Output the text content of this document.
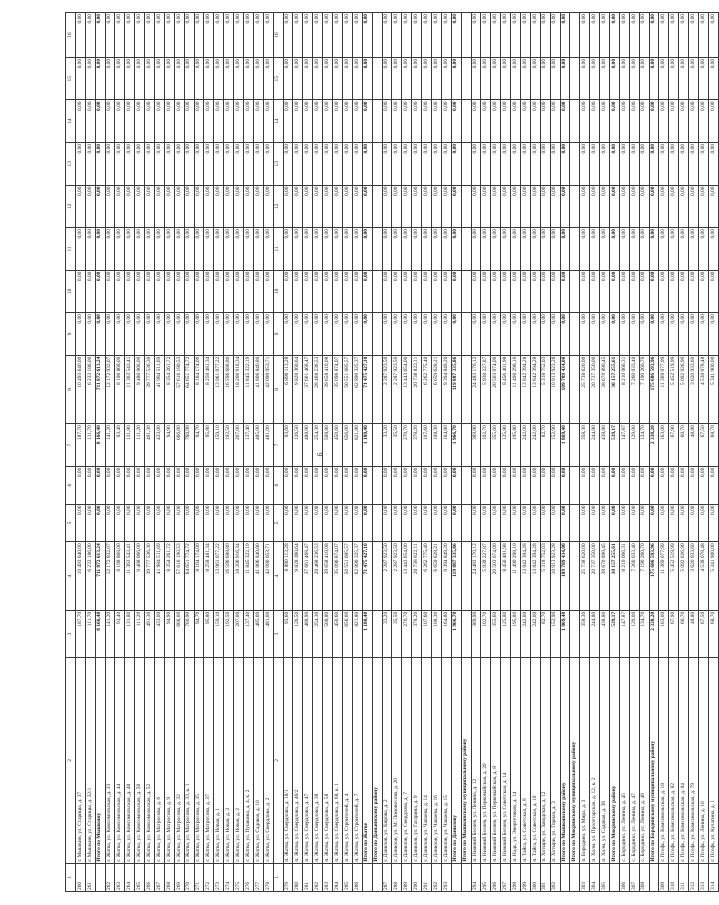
6
1	2	3	4	5	6	7	8	9	10	11	12	13	14	15	16
260	г. Мышкин, ул. Старицы, д. 37	187,70	10 493 640,00	0,00	0,00	187,70	10 493 640,00	0,00	0,00	0,00	0,00	0,00	0,00	0,00	0,00
261	г. Мышкин, ул. Старицы, д. 32/1	111,70	6 233 186,00	0,00	0,00	111,70	6 233 186,00	0,00	0,00	0,00	0,00	0,00	0,00	0,00	0,00
	Итого по Мышкину	8 166,40	711 872 613,24	0,00	0,00	8 166,40	711 872 613,24	0,00	0,00	0,00	0,00	0,00	0,00	0,00	0,00
262	г. Жатва, ул. Комсомольская, д. 33	141,20	12 172 932,07	0,00	0,00	141,20	12 172 932,07	0,00	0,00	0,00	0,00	0,00	0,00	0,00	0,00
263	г. Жатва, ул. Комсомольская, д. 44	93,40	8 198 868,00	0,00	0,00	93,40	8 198 868,00	0,00	0,00	0,00	0,00	0,00	0,00	0,00	0,00
264	г. Жатва, ул. Комсомольская, д. 48	131,80	11 363 543,41	0,00	0,00	131,80	11 363 543,41	0,00	0,00	0,00	0,00	0,00	0,00	0,00	0,00
265	г. Жатва, ул. Комсомольская, д. 50	111,20	9 488 066,00	0,00	0,00	111,20	9 488 066,00	0,00	0,00	0,00	0,00	0,00	0,00	0,00	0,00
266	г. Жатва, ул. Комсомольская, д. 52	491,30	39 777 536,30	0,00	0,00	491,30	39 777 536,30	0,00	0,00	0,00	0,00	0,00	0,00	0,00	0,00
267	г. Жатва, ул. Матросова, д. 6	433,00	41 984 511,69	0,00	0,00	433,00	41 984 511,69	0,00	0,00	0,00	0,00	0,00	0,00	0,00	0,00
268	г. Жатва, ул. Матросова, д. 9	94,90	8 354 261,72	0,00	0,00	94,90	8 354 261,72	0,00	0,00	0,00	0,00	0,00	0,00	0,00	0,00
269	г. Жатва, ул. Матросова, д. 32	666,00	57 616 190,53	0,00	0,00	666,00	57 616 190,53	0,00	0,00	0,00	0,00	0,00	0,00	0,00	0,00
270	г. Жатва, ул. Матросова, д. 33, к. 1	760,90	64 651 774,72	0,00	0,00	760,90	64 651 774,72	0,00	0,00	0,00	0,00	0,00	0,00	0,00	0,00
271	г. Жатва, ул. Матросова, д. 35	94,70	8 164 174,00	0,00	0,00	94,70	8 164 174,00	0,00	0,00	0,00	0,00	0,00	0,00	0,00	0,00
272	г. Жатва, ул. Матросова, д. 37	95,80	8 258 481,34	0,00	0,00	95,80	8 258 481,34	0,00	0,00	0,00	0,00	0,00	0,00	0,00	0,00
273	г. Жатва, ул. Новая, д. 1	159,10	13 961 077,22	0,00	0,00	159,10	13 961 077,22	0,00	0,00	0,00	0,00	0,00	0,00	0,00	0,00
274	г. Жатва, ул. Новая, д. 3	192,50	16 596 688,80	0,00	0,00	192,50	16 596 688,80	0,00	0,00	0,00	0,00	0,00	0,00	0,00	0,00
275	г. Жатва, ул. Новая, д. 2	207,00	18 206 916,34	0,00	0,00	207,00	18 206 916,34	0,00	0,00	0,00	0,00	0,00	0,00	0,00	0,00
276	г. Жатва, ул. Пушкина, д. 4, к. 2	137,40	11 845 322,19	0,00	0,00	137,40	11 845 322,19	0,00	0,00	0,00	0,00	0,00	0,00	0,00	0,00
277	г. Жатва, ул. Садовая, д. 10	485,00	41 806 840,80	0,00	0,00	485,00	41 806 840,80	0,00	0,00	0,00	0,00	0,00	0,00	0,00	0,00
278	г. Жатва, ул. Свердлова, д. 2	481,00	42 090 053,71	0,00	0,00	481,00	42 090 053,71	0,00	0,00	0,00	0,00	0,00	0,00	0,00	0,00
1	2	3	4	5	6	7	8	9	10	11	12	13	14	15	16
279	п. Жатва, ул. Свердлова, д. 18/1	93,60	6 890 113,28	0,00	0,00	93,60	6 890 113,28	0,00	0,00	0,00	0,00	0,00	0,00	0,00	0,00
280	п. Жатва, ул. Свердлова, д. 46/2	126,50	9 828 360,64	0,00	0,00	126,50	9 828 360,64	0,00	0,00	0,00	0,00	0,00	0,00	0,00	0,00
281	п. Жатва, ул. Свердлова, д. 47	488,90	37 661 468,47	0,00	0,00	488,90	37 661 468,47	0,00	0,00	0,00	0,00	0,00	0,00	0,00	0,00
282	п. Жатва, ул. Свердлова, д. 38	254,30	28 468 236,53	0,00	0,00	254,30	28 468 236,53	0,00	0,00	0,00	0,00	0,00	0,00	0,00	0,00
283	п. Жатва, ул. Свердлова, д. 58	508,80	39 658 410,08	0,00	0,00	508,80	39 658 410,08	0,00	0,00	0,00	0,00	0,00	0,00	0,00	0,00
284	п. Жатва, ул. Свердлова, д. 68, к. 1	450,60	35 096 874,07	0,00	0,00	450,60	35 096 874,07	0,00	0,00	0,00	0,00	0,00	0,00	0,00	0,00
285	п. Жатва, ул. Строителей, д. 4	656,00	50 551 085,57	0,00	0,00	656,00	50 551 085,57	0,00	0,00	0,00	0,00	0,00	0,00	0,00	0,00
286	п. Жатва, ул. Строителей, д. 7	821,80	62 890 325,37	0,00	0,00	821,80	62 890 325,37	0,00	0,00	0,00	0,00	0,00	0,00	0,00	0,00
	Итого по Жатве	1 180,40	71 475 427,10	0,00	0,00	1 180,40	71 475 427,10	0,00	0,00	0,00	0,00	0,00	0,00	0,00	0,00
	Итого по Даньинскому району														
287	г. Данилов, ул. Кирова, д. 2	33,20	2 287 923,50	0,00	0,00	33,20	2 287 923,50	0,00	0,00	0,00	0,00	0,00	0,00	0,00	0,00
288	г. Данилов, ул. М. Ломоносова, д. 20	35,50	2 287 923,50	0,00	0,00	35,50	2 287 923,50	0,00	0,00	0,00	0,00	0,00	0,00	0,00	0,00
289	г. Данилов, ул. Свердлова, д. 7	270,70	13 443 654,00	0,00	0,00	270,70	13 443 654,00	0,00	0,00	0,00	0,00	0,00	0,00	0,00	0,00
290	г. Данилов, ул. Гагарина, д. 9	378,20	20 738 822,11	0,00	0,00	378,20	20 738 822,11	0,00	0,00	0,00	0,00	0,00	0,00	0,00	0,00
291	г. Данилов, ул. Чапаева, д. 14	107,60	6 262 775,40	0,00	0,00	107,60	6 262 775,40	0,00	0,00	0,00	0,00	0,00	0,00	0,00	0,00
292	г. Данилов, ул. Чапаева, д. 16	108,30	6 659 628,21	0,00	0,00	108,30	6 659 628,21	0,00	0,00	0,00	0,00	0,00	0,00	0,00	0,00
293	г. Данилов, ул. Чапаева, д. 15	164,80	9 394 849,20	0,00	0,00	164,80	9 394 849,20	0,00	0,00	0,00	0,00	0,00	0,00	0,00	0,00
	Итого по Данилову	1 966,70	119 887 335,86	0,00	0,00	1 966,70	119 887 335,86	0,00	0,00	0,00	0,00	0,00	0,00	0,00	0,00
	Итого по Мышкинскому муниципальному району														
294	п. Нижний Беляев, ул. Ленина, д. 12	369,90	24 483 170,12	0,00	0,00	369,90	24 483 170,12	0,00	0,00	0,00	0,00	0,00	0,00	0,00	0,00
295	п. Нижний Беляев, ул. Первомайская, д. 20	102,70	5 938 227,87	0,00	0,00	102,70	5 938 227,87	0,00	0,00	0,00	0,00	0,00	0,00	0,00	0,00
296	п. Нижний Беляев, ул. Первомайская, д. 8	355,60	20 503 074,00	0,00	0,00	355,60	20 503 074,00	0,00	0,00	0,00	0,00	0,00	0,00	0,00	0,00
297	п. Нижний Беляев, ул. Советская, д. 14	125,80	8 456 401,98	0,00	0,00	125,80	8 456 401,98	0,00	0,00	0,00	0,00	0,00	0,00	0,00	0,00
298	п. Надь, ул. Энергетиков, д. 14	195,80	11 490 298,10	0,00	0,00	195,80	11 490 298,10	0,00	0,00	0,00	0,00	0,00	0,00	0,00	0,00
299	п. Тайга, ул. Советская, д. 8	242,00	13 842 394,28	0,00	0,00	242,00	13 842 394,28	0,00	0,00	0,00	0,00	0,00	0,00	0,00	0,00
300	п. Тайга, ул. Советская, д. 10	242,00	13 842 394,28	0,00	0,00	242,00	13 842 394,28	0,00	0,00	0,00	0,00	0,00	0,00	0,00	0,00
301	п. Хотыри, ул. Заводская, д. 12	82,70	5 318 752,03	0,00	0,00	82,70	5 318 752,03	0,00	0,00	0,00	0,00	0,00	0,00	0,00	0,00
302	п. Хотыри, ул. Горная, д. 3	152,90	10 913 923,28	0,00	0,00	152,90	10 913 923,28	0,00	0,00	0,00	0,00	0,00	0,00	0,00	0,00
	Итого по Мышкинскому району	1 869,40	109 789 434,00	0,00	0,00	1 869,40	109 789 434,00	0,00	0,00	0,00	0,00	0,00	0,00	0,00	0,00
	Итого по Мокринскому муниципальному району														
303	п. Бородино, ул. Мира, д. 3	358,30	25 738 620,00	0,00	0,00	358,30	25 738 620,00	0,00	0,00	0,00	0,00	0,00	0,00	0,00	0,00
304	п. Холм, ул. Пролетарская, д. 12, к. 2	244,80	20 737 350,00	0,00	0,00	244,80	20 737 350,00	0,00	0,00	0,00	0,00	0,00	0,00	0,00	0,00
305	п. Холм, ул. Садовая, д. 36	438,80	38 670 890,45	0,00	0,00	438,80	38 670 890,45	0,00	0,00	0,00	0,00	0,00	0,00	0,00	0,00
	Итого по Мокринскому району	539,17	30 157 255,61	0,00	0,00	539,17	30 157 255,61	0,00	0,00	0,00	0,00	0,00	0,00	0,00	0,00
306	с. Бородино, ул. Ленина, д. 45	147,87	8 210 066,31	0,00	0,00	147,87	8 210 066,31	0,00	0,00	0,00	0,00	0,00	0,00	0,00	0,00
307	с. Бородино, ул. Ленина, д. 47	129,00	7 260 033,40	0,00	0,00	129,00	7 260 033,40	0,00	0,00	0,00	0,00	0,00	0,00	0,00	0,00
308	с. Бородино, ул. Ленина, д. 48	134,70	7 190 260,70	0,00	0,00	134,70	7 190 260,70	0,00	0,00	0,00	0,00	0,00	0,00	0,00	0,00
	Итого по Бородинскому муниципальному району	2 338,20	175 686 593,96	0,00	0,00	2 338,20	175 686 593,96	0,00	0,00	0,00	0,00	0,00	0,00	0,00	0,00
309	г. Псофь, ул. Комсомольская, д. 18	163,00	11 369 077,99	0,00	0,00	163,00	11 369 077,99	0,00	0,00	0,00	0,00	0,00	0,00	0,00	0,00
310	г. Псофь, ул. Комсомольская, д. 82	67,90	5 452 519,99	0,00	0,00	67,90	5 452 519,99	0,00	0,00	0,00	0,00	0,00	0,00	0,00	0,00
311	г. Псофь, ул. Комсомольская, д. 84	60,70	5 092 026,90	0,00	0,00	60,70	5 092 026,90	0,00	0,00	0,00	0,00	0,00	0,00	0,00	0,00
312	г. Псофь, ул. Комсомольская, д. 79	48,80	3 620 933,60	0,00	0,00	48,80	3 620 933,60	0,00	0,00	0,00	0,00	0,00	0,00	0,00	0,00
313	г. Псофь, ул. Ленина, д. 10	67,50	4 538 078,48	0,00	0,00	67,50	4 538 078,48	0,00	0,00	0,00	0,00	0,00	0,00	0,00	0,00
314	г. Псофь, ул. Кулагина, д. 1	68,70	5 341 900,00	0,00	0,00	68,70	5 341 900,00	0,00	0,00	0,00	0,00	0,00	0,00	0,00	0,00
